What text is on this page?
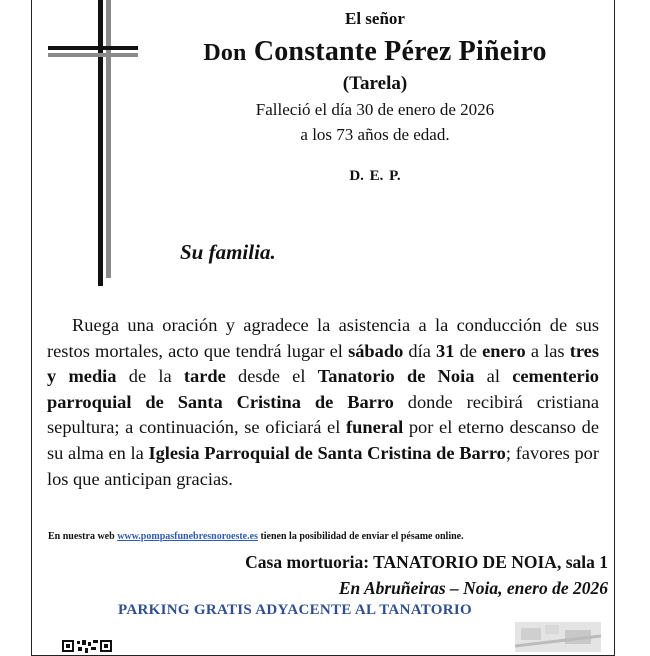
El señor
Don Constante Pérez Piñeiro
(Tarela)
Falleció el día 30 de enero de 2026
a los 73 años de edad.
D. E. P.
Su familia.

Ruega una oración y agradece la asistencia a la conducción de sus restos mortales, acto que tendrá lugar el sábado día 31 de enero a las tres y media de la tarde desde el Tanatorio de Noia al cementerio parroquial de Santa Cristina de Barro donde recibirá cristiana sepultura; a continuación, se oficiará el funeral por el eterno descanso de su alma en la Iglesia Parroquial de Santa Cristina de Barro; favores por los que anticipan gracias.

En nuestra web www.pompasfunebresnoroeste.es tienen la posibilidad de enviar el pésame online.
Casa mortuoria: TANATORIO DE NOIA, sala 1
En Abruñeiras – Noia, enero de 2026
PARKING GRATIS ADYACENTE AL TANATORIO
